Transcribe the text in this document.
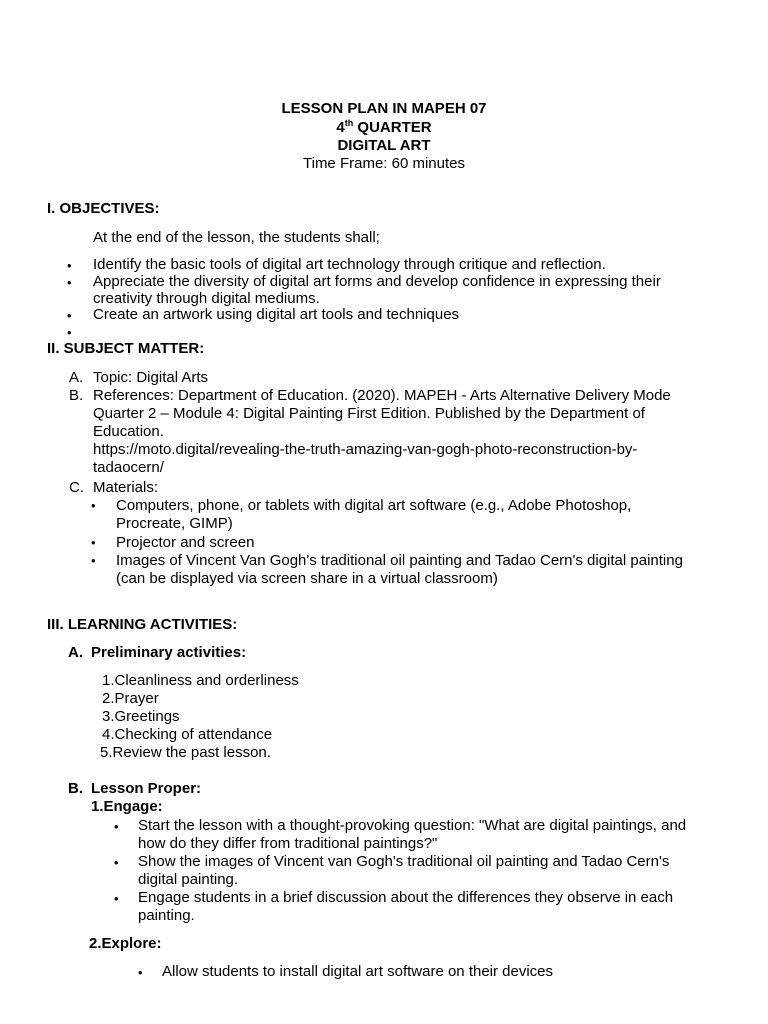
LESSON PLAN IN MAPEH 07
4th QUARTER
DIGITAL ART
Time Frame: 60 minutes
I. OBJECTIVES:
At the end of the lesson, the students shall;
• Identify the basic tools of digital art technology through critique and reflection.
• Appreciate the diversity of digital art forms and develop confidence in expressing their
creativity through digital mediums.
• Create an artwork using digital art tools and techniques
•
II. SUBJECT MATTER:
A. Topic: Digital Arts
B. References: Department of Education. (2020). MAPEH - Arts Alternative Delivery Mode
Quarter 2 – Module 4: Digital Painting First Edition. Published by the Department of
Education.
https://moto.digital/revealing-the-truth-amazing-van-gogh-photo-reconstruction-by-
tadaocern/
C. Materials:
• Computers, phone, or tablets with digital art software (e.g., Adobe Photoshop,
Procreate, GIMP)
• Projector and screen
• Images of Vincent Van Gogh's traditional oil painting and Tadao Cern's digital painting
(can be displayed via screen share in a virtual classroom)
III. LEARNING ACTIVITIES:
A. Preliminary activities:
1.Cleanliness and orderliness
2.Prayer
3.Greetings
4.Checking of attendance
5.Review the past lesson.
B. Lesson Proper:
1.Engage:
• Start the lesson with a thought-provoking question: "What are digital paintings, and
how do they differ from traditional paintings?"
• Show the images of Vincent van Gogh's traditional oil painting and Tadao Cern's
digital painting.
• Engage students in a brief discussion about the differences they observe in each
painting.
2.Explore:
• Allow students to install digital art software on their devices
